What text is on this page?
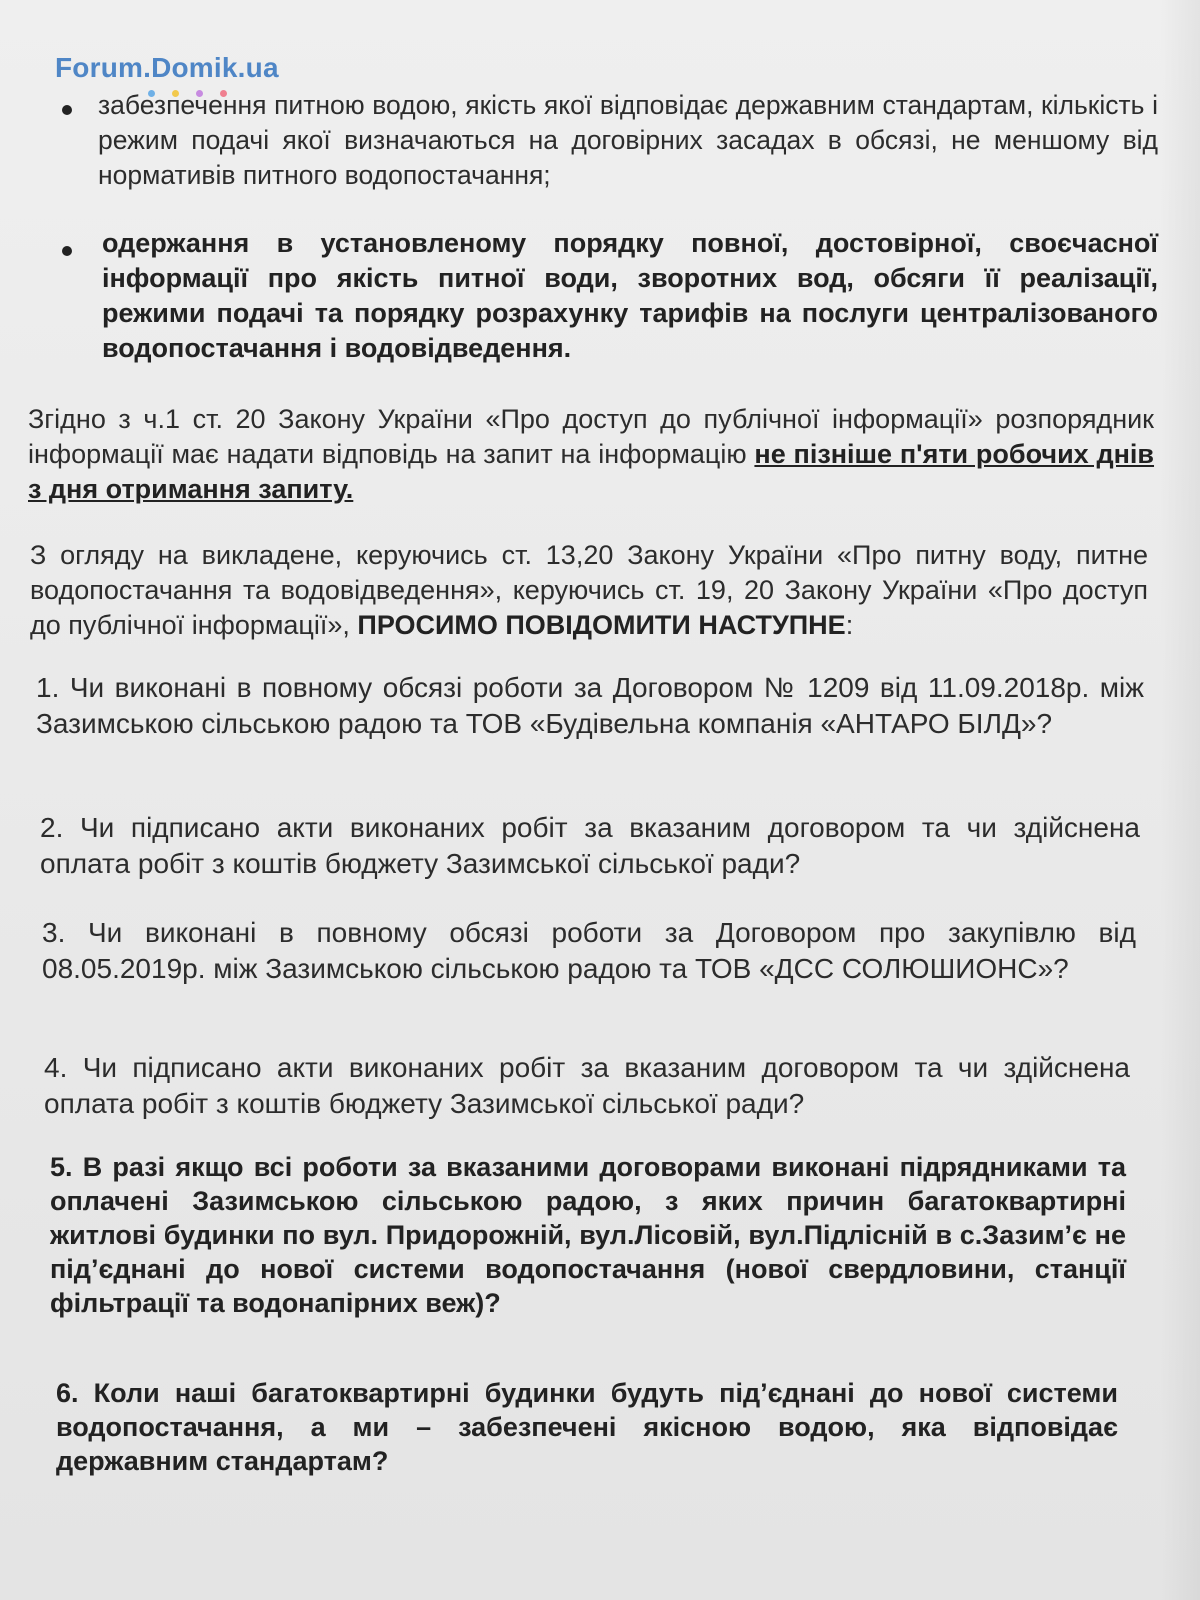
Forum.Domik.ua
забезпечення питною водою, якість якої відповідає державним стандартам, кількість і режим подачі якої визначаються на договірних засадах в обсязі, не меншому від нормативів питного водопостачання;
одержання в установленому порядку повної, достовірної, своєчасної інформації про якість питної води, зворотних вод, обсяги її реалізації, режими подачі та порядку розрахунку тарифів на послуги централізованого водопостачання і водовідведення.
Згідно з ч.1 ст. 20 Закону України «Про доступ до публічної інформації» розпорядник інформації має надати відповідь на запит на інформацію не пізніше п'яти робочих днів з дня отримання запиту.
З огляду на викладене, керуючись ст. 13,20 Закону України «Про питну воду, питне водопостачання та водовідведення», керуючись ст. 19, 20 Закону України «Про доступ до публічної інформації», ПРОСИМО ПОВІДОМИТИ НАСТУПНЕ:
1. Чи виконані в повному обсязі роботи за Договором № 1209 від 11.09.2018р. між Зазимською сільською радою та ТОВ «Будівельна компанія «АНТАРО БІЛД»?
2. Чи підписано акти виконаних робіт за вказаним договором та чи здійснена оплата робіт з коштів бюджету Зазимської сільської ради?
3. Чи виконані в повному обсязі роботи за Договором про закупівлю від 08.05.2019р. між Зазимською сільською радою та ТОВ «ДСС СОЛЮШИОНС»?
4. Чи підписано акти виконаних робіт за вказаним договором та чи здійснена оплата робіт з коштів бюджету Зазимської сільської ради?
5. В разі якщо всі роботи за вказаними договорами виконані підрядниками та оплачені Зазимською сільською радою, з яких причин багатоквартирні житлові будинки по вул. Придорожній, вул.Лісовій, вул.Підлісній в с.Зазим’є не під’єднані до нової системи водопостачання (нової свердловини, станції фільтрації та водонапірних веж)?
6. Коли наші багатоквартирні будинки будуть під’єднані до нової системи водопостачання, а ми – забезпечені якісною водою, яка відповідає державним стандартам?
